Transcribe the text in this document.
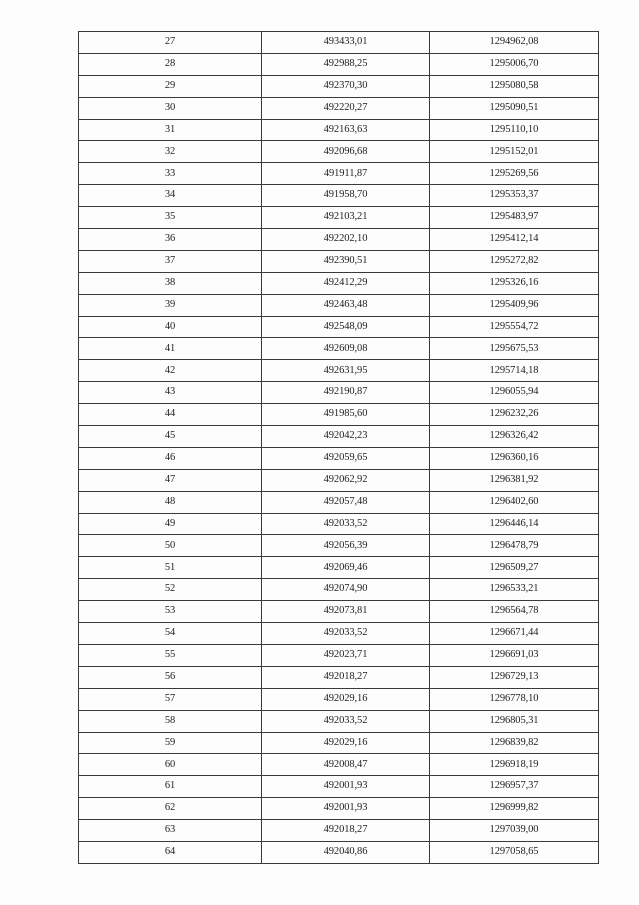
27	493433,01	1294962,08
28	492988,25	1295006,70
29	492370,30	1295080,58
30	492220,27	1295090,51
31	492163,63	1295110,10
32	492096,68	1295152,01
33	491911,87	1295269,56
34	491958,70	1295353,37
35	492103,21	1295483,97
36	492202,10	1295412,14
37	492390,51	1295272,82
38	492412,29	1295326,16
39	492463,48	1295409,96
40	492548,09	1295554,72
41	492609,08	1295675,53
42	492631,95	1295714,18
43	492190,87	1296055,94
44	491985,60	1296232,26
45	492042,23	1296326,42
46	492059,65	1296360,16
47	492062,92	1296381,92
48	492057,48	1296402,60
49	492033,52	1296446,14
50	492056,39	1296478,79
51	492069,46	1296509,27
52	492074,90	1296533,21
53	492073,81	1296564,78
54	492033,52	1296671,44
55	492023,71	1296691,03
56	492018,27	1296729,13
57	492029,16	1296778,10
58	492033,52	1296805,31
59	492029,16	1296839,82
60	492008,47	1296918,19
61	492001,93	1296957,37
62	492001,93	1296999,82
63	492018,27	1297039,00
64	492040,86	1297058,65
